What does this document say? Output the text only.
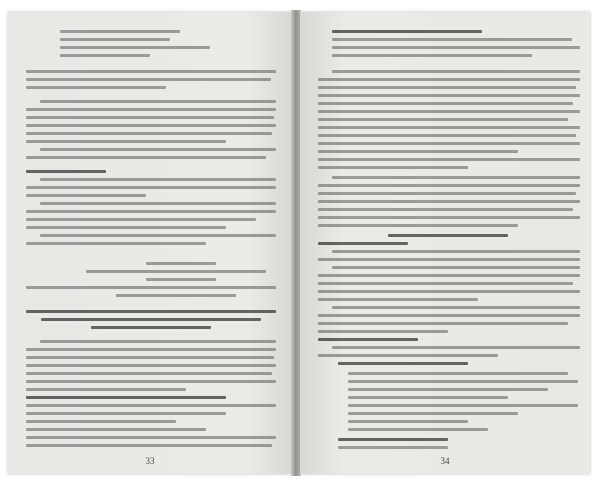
33	34
